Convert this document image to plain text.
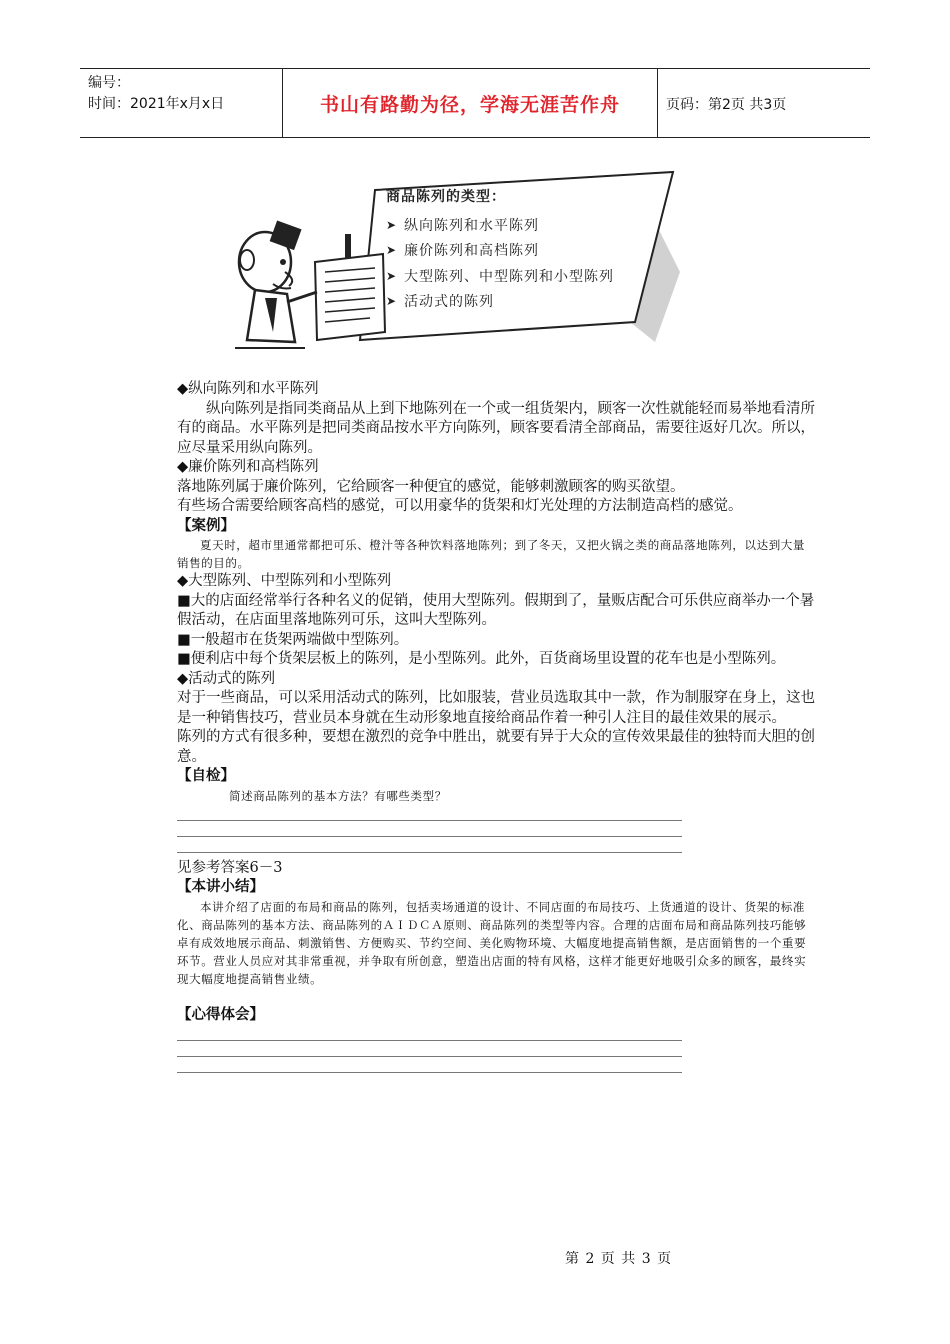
编号：
时间：2021年x月x日	书山有路勤为径，学海无涯苦作舟	页码：第2页 共3页
商品陈列的类型：
➤ 纵向陈列和水平陈列
➤ 廉价陈列和高档陈列
➤ 大型陈列、中型陈列和小型陈列
➤ 活动式的陈列

◆纵向陈列和水平陈列

纵向陈列是指同类商品从上到下地陈列在一个或一组货架内，顾客一次性就能轻而易举地看清所有的商品。水平陈列是把同类商品按水平方向陈列，顾客要看清全部商品，需要往返好几次。所以，应尽量采用纵向陈列。

◆廉价陈列和高档陈列

落地陈列属于廉价陈列，它给顾客一种便宜的感觉，能够刺激顾客的购买欲望。

有些场合需要给顾客高档的感觉，可以用豪华的货架和灯光处理的方法制造高档的感觉。

【案例】

夏天时，超市里通常都把可乐、橙汁等各种饮料落地陈列；到了冬天，又把火锅之类的商品落地陈列，以达到大量销售的目的。

◆大型陈列、中型陈列和小型陈列

■大的店面经常举行各种名义的促销，使用大型陈列。假期到了，量贩店配合可乐供应商举办一个暑假活动，在店面里落地陈列可乐，这叫大型陈列。

■一般超市在货架两端做中型陈列。

■便利店中每个货架层板上的陈列，是小型陈列。此外，百货商场里设置的花车也是小型陈列。

◆活动式的陈列

对于一些商品，可以采用活动式的陈列，比如服装，营业员选取其中一款，作为制服穿在身上，这也是一种销售技巧，营业员本身就在生动形象地直接给商品作着一种引人注目的最佳效果的展示。

陈列的方式有很多种，要想在激烈的竞争中胜出，就要有异于大众的宣传效果最佳的独特而大胆的创意。

【自检】

简述商品陈列的基本方法？有哪些类型？

见参考答案6－3

【本讲小结】

本讲介绍了店面的布局和商品的陈列，包括卖场通道的设计、不同店面的布局技巧、上货通道的设计、货架的标准化、商品陈列的基本方法、商品陈列的ＡＩＤＣＡ原则、商品陈列的类型等内容。合理的店面布局和商品陈列技巧能够卓有成效地展示商品、刺激销售、方便购买、节约空间、美化购物环境、大幅度地提高销售额，是店面销售的一个重要环节。营业人员应对其非常重视，并争取有所创意，塑造出店面的特有风格，这样才能更好地吸引众多的顾客，最终实现大幅度地提高销售业绩。

【心得体会】

第 2 页 共 3 页
